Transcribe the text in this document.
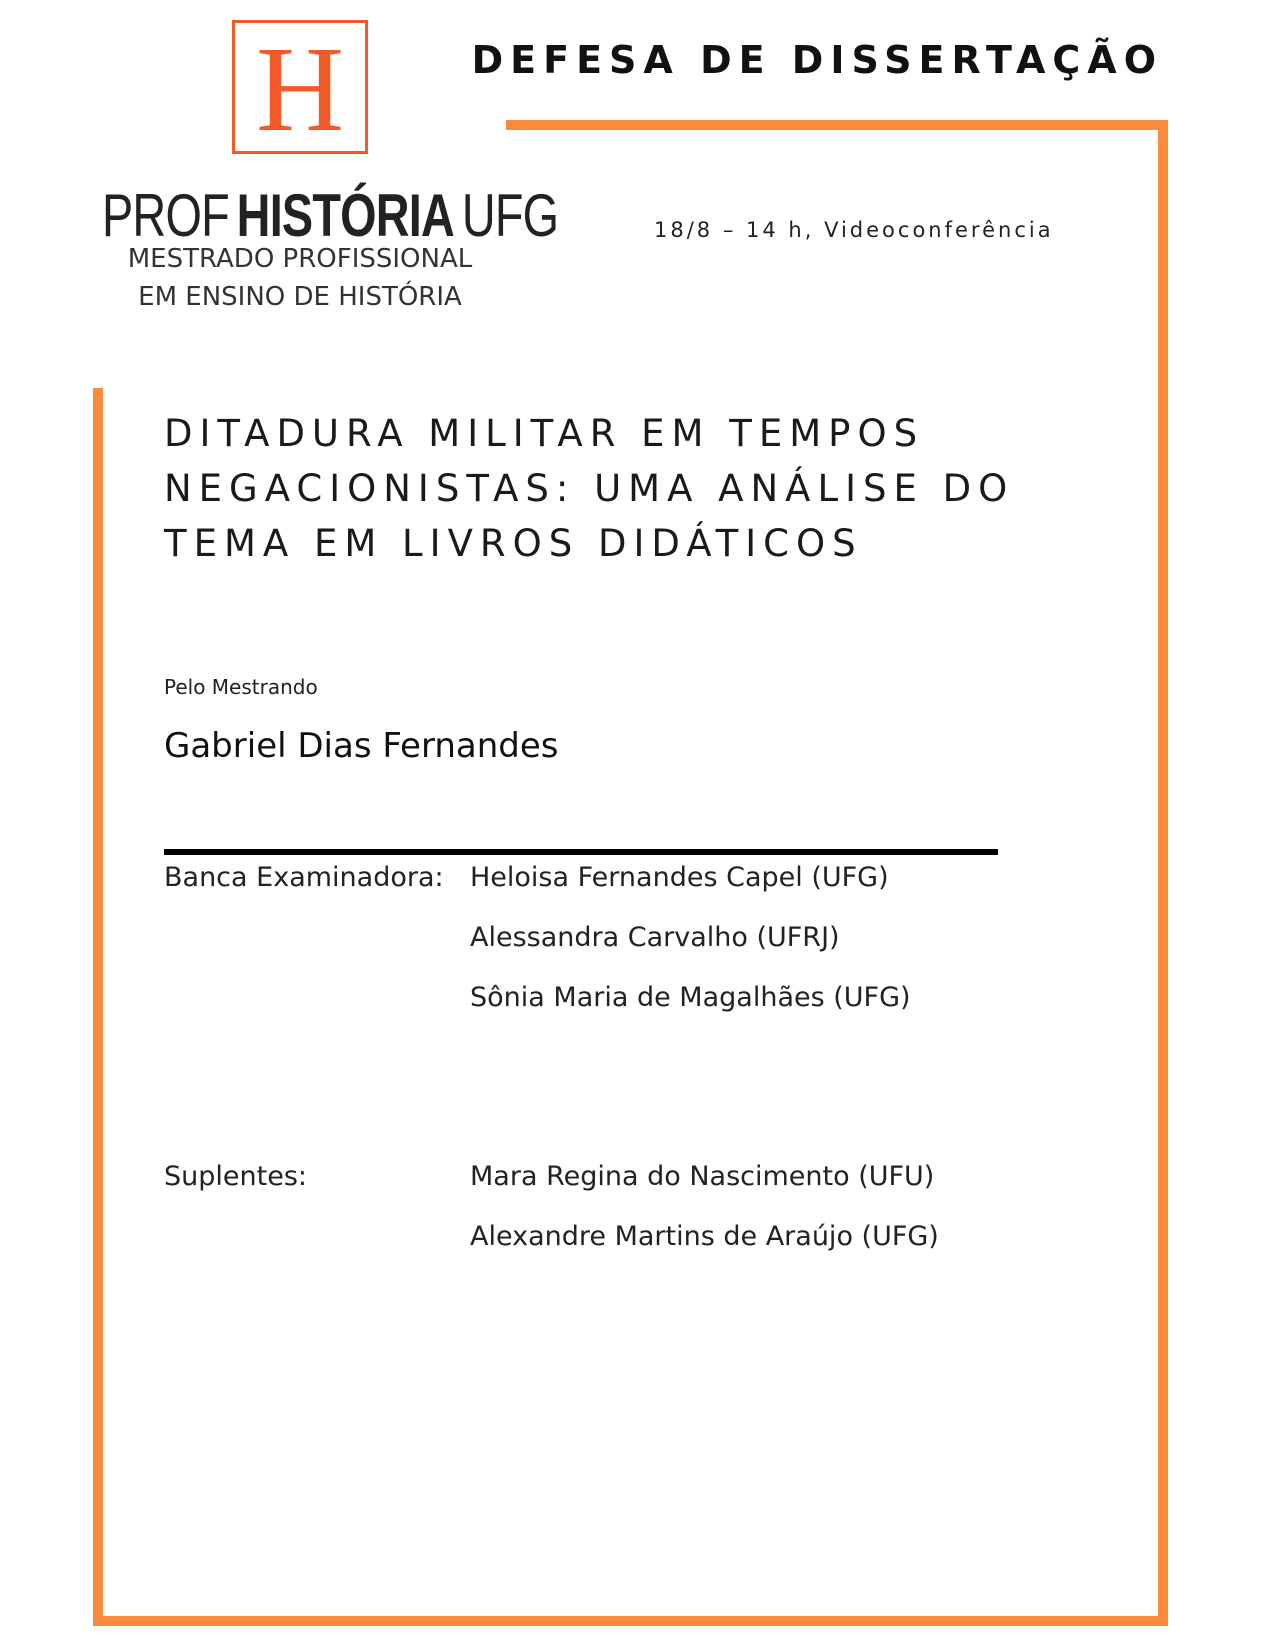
H
PROF HISTÓRIA UFG
MESTRADO PROFISSIONAL
EM ENSINO DE HISTÓRIA
DEFESA DE DISSERTAÇÃO
18/8 – 14 h, Videoconferência
DITADURA MILITAR EM TEMPOS
NEGACIONISTAS: UMA ANÁLISE DO
TEMA EM LIVROS DIDÁTICOS
Pelo Mestrando
Gabriel Dias Fernandes
Banca Examinadora: Heloisa Fernandes Capel (UFG)
Alessandra Carvalho (UFRJ)
Sônia Maria de Magalhães (UFG)
Suplentes:	Mara Regina do Nascimento (UFU)
Alexandre Martins de Araújo (UFG)
